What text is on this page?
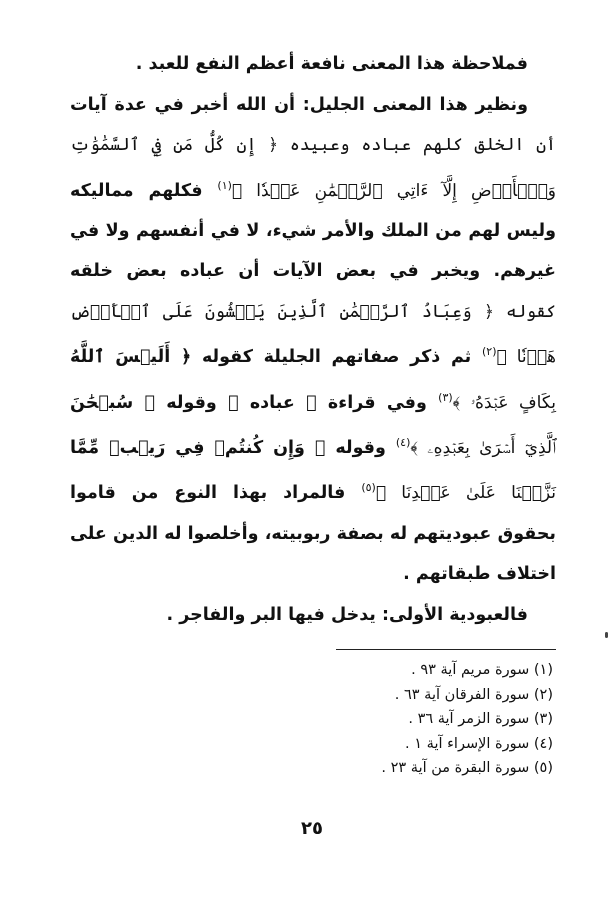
فملاحظة هذا المعنى نافعة أعظم النفع للعبد .

ونظير هذا المعنى الجليل: أن الله أخبر في عدة آيات

أن الخلق كلهم عباده وعبيده ﴿ إِن كُلُّ مَن فِي ٱلسَّمَٰوَٰتِ
وَٱلۡأَرۡضِ إِلَّآ ءَاتِي ٱلرَّحۡمَٰنِ عَبۡدٗا ﴾$^{(١)}$ فكلهم مماليكه
وليس لهم من الملك والأمر شيء، لا في أنفسهم ولا في
غيرهم. ويخبر في بعض الآيات أن عباده بعض خلقه
كقوله ﴿ وَعِبَادُ ٱلرَّحۡمَٰنِ ٱلَّذِينَ يَمۡشُونَ عَلَى ٱلۡأَرۡضِ
هَوۡنٗا ﴾$^{(٢)}$ ثم ذكر صفاتهم الجليلة كقوله ﴿ أَلَيۡسَ ٱللَّهُ
بِكَافٍ عَبۡدَهُۥ ﴾$^{(٣)}$ وفي قراءة ﴿ عباده ﴾ وقوله ﴿ سُبۡحَٰنَ
ٱلَّذِيٓ أَسۡرَىٰ بِعَبۡدِهِۦ ﴾$^{(٤)}$ وقوله ﴿ وَإِن كُنتُمۡ فِي رَيۡبٖ مِّمَّا
نَزَّلۡنَا عَلَىٰ عَبۡدِنَا ﴾$^{(٥)}$ فالمراد بهذا النوع من قاموا
بحقوق عبوديتهم له بصفة ربوبيته، وأخلصوا له الدين على
اختلاف طبقاتهم .

فالعبودية الأولى: يدخل فيها البر والفاجر .

(١) سورة مريم آية ٩٣ .
(٢) سورة الفرقان آية ٦٣ .
(٣) سورة الزمر آية ٣٦ .
(٤) سورة الإسراء آية ١ .
(٥) سورة البقرة من آية ٢٣ .
٢٥
